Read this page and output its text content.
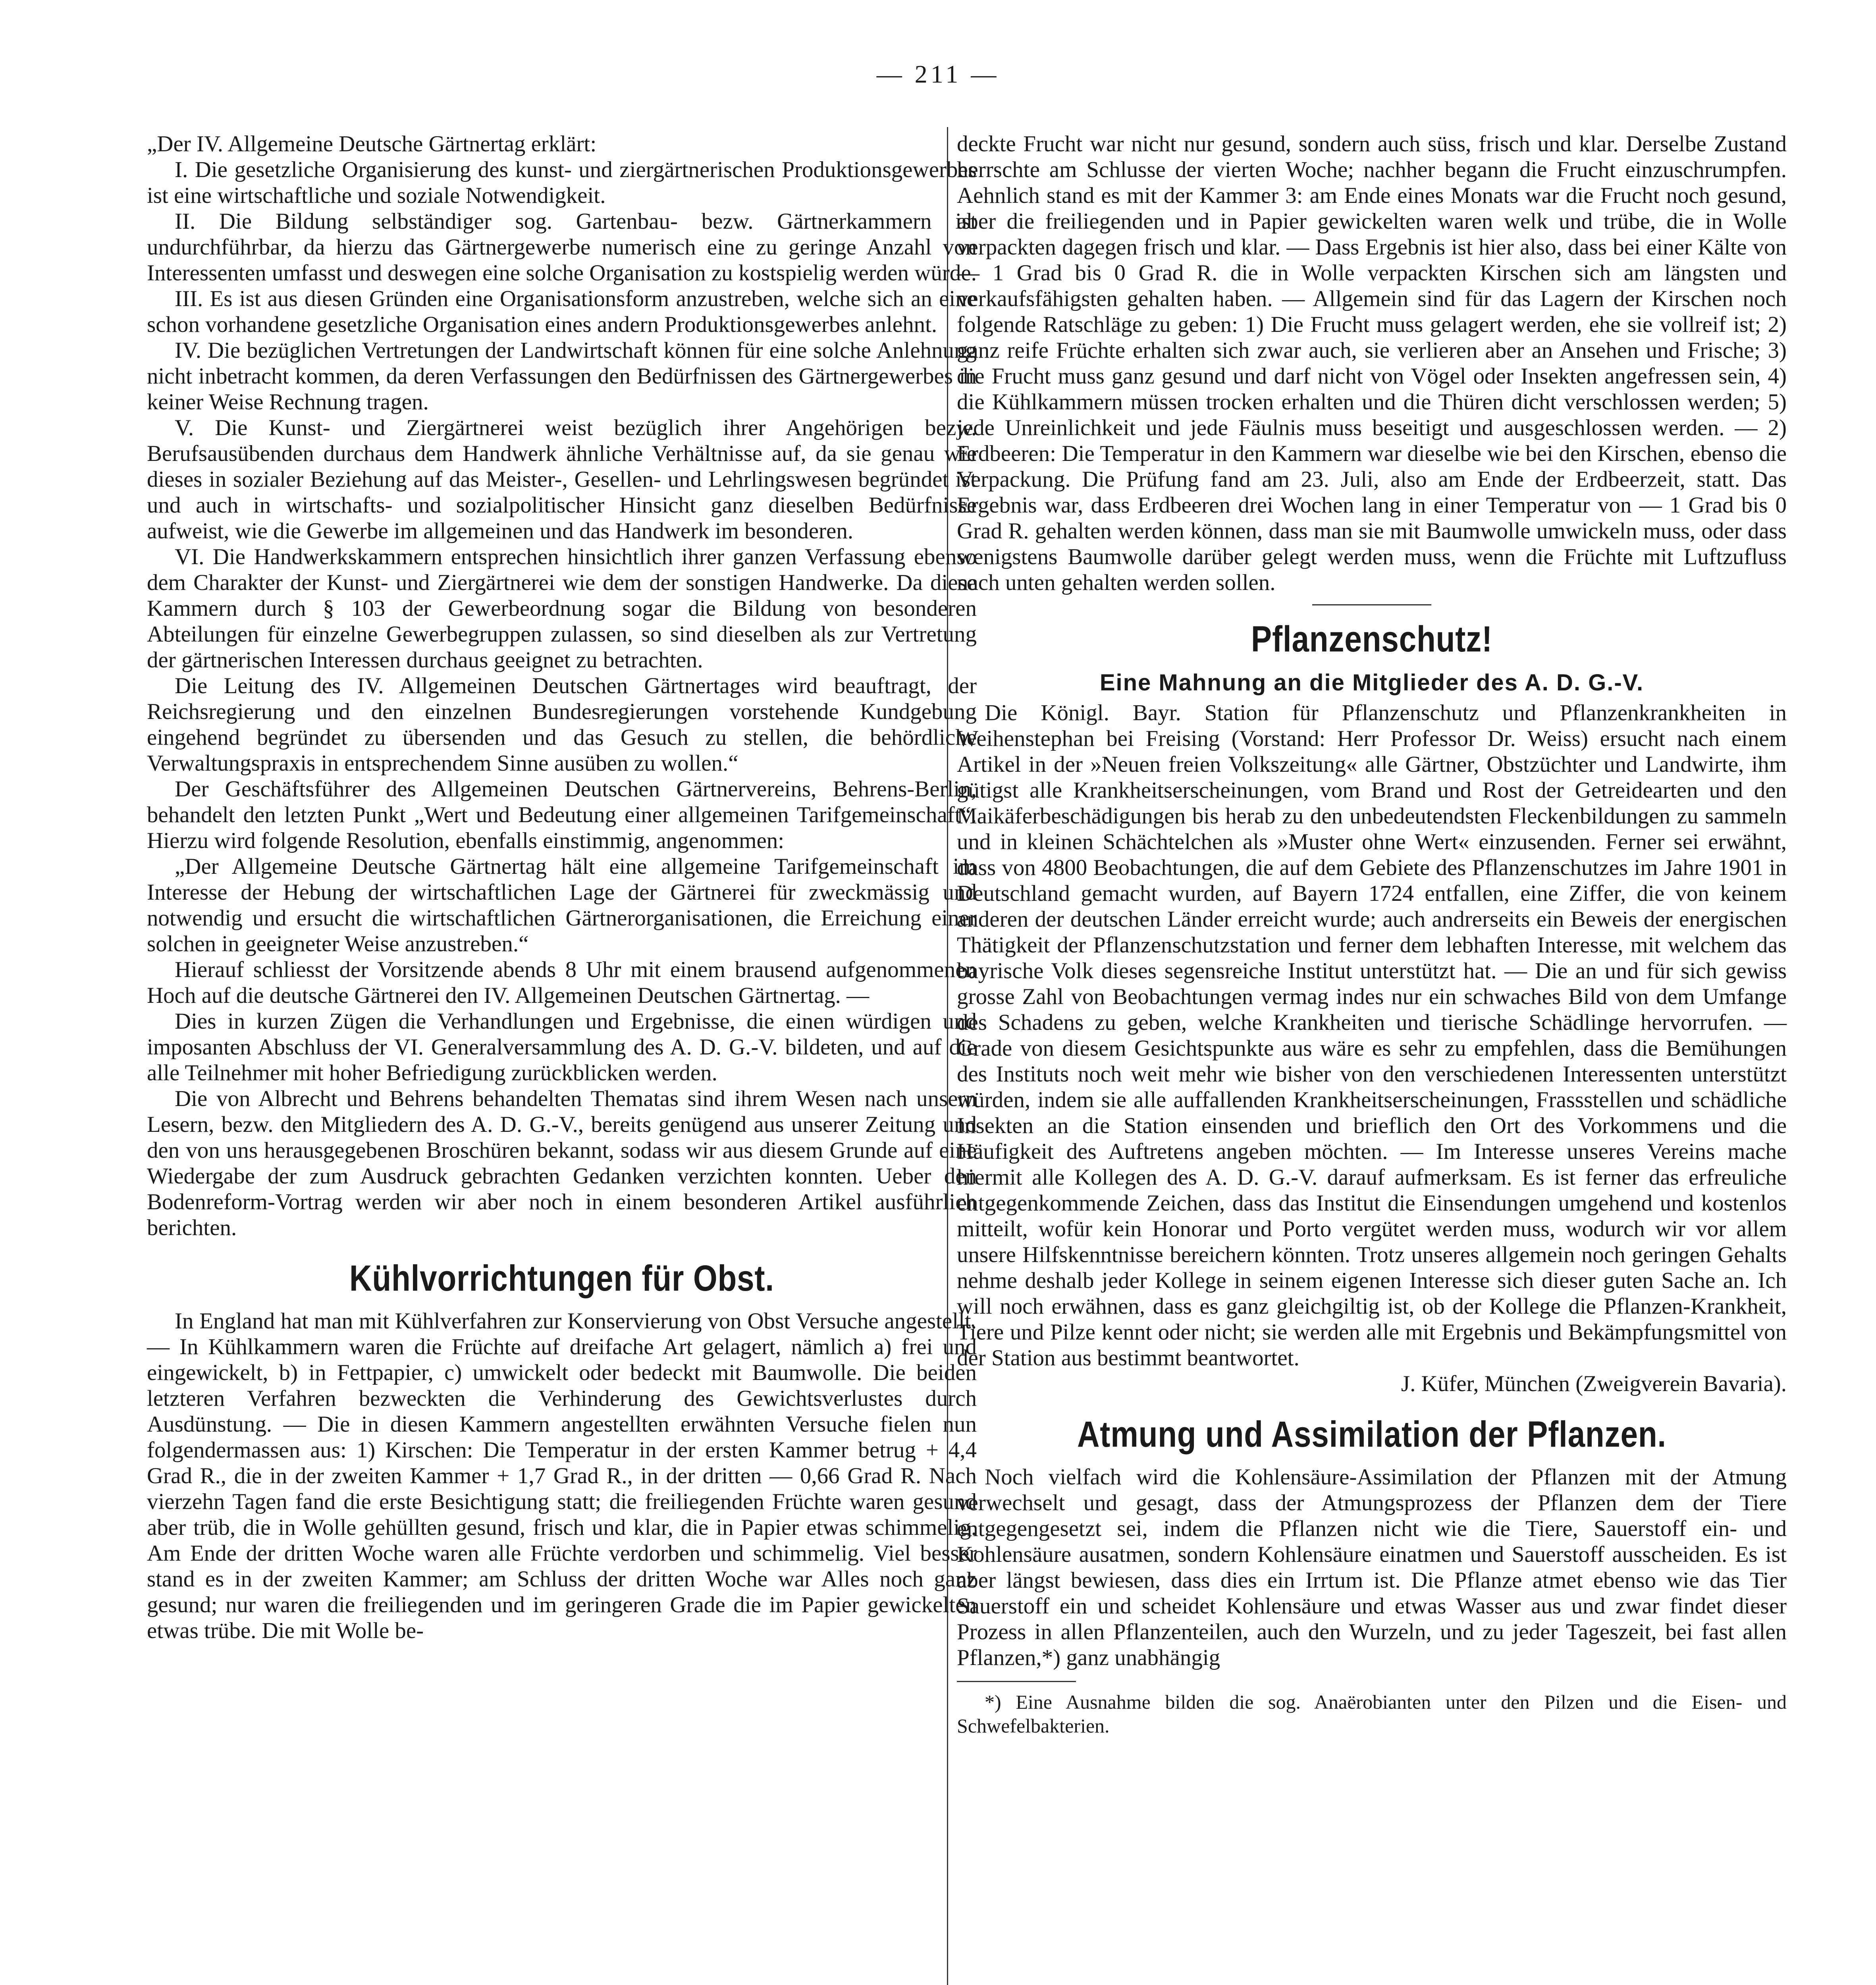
— 211 —

„Der IV. Allgemeine Deutsche Gärtnertag erklärt:

I. Die gesetzliche Organisierung des kunst- und ziergärtnerischen Produktionsgewerbes ist eine wirtschaftliche und soziale Notwendigkeit.

II. Die Bildung selbständiger sog. Gartenbau- bezw. Gärtnerkammern ist undurchführbar, da hierzu das Gärtnergewerbe numerisch eine zu geringe Anzahl von Interessenten umfasst und deswegen eine solche Organisation zu kostspielig werden würde.

III. Es ist aus diesen Gründen eine Organisationsform anzustreben, welche sich an eine schon vorhandene gesetzliche Organisation eines andern Produktionsgewerbes anlehnt.

IV. Die bezüglichen Vertretungen der Landwirtschaft können für eine solche Anlehnung nicht inbetracht kommen, da deren Verfassungen den Bedürfnissen des Gärtnergewerbes in keiner Weise Rechnung tragen.

V. Die Kunst- und Ziergärtnerei weist bezüglich ihrer Angehörigen bezw. Berufsausübenden durchaus dem Handwerk ähnliche Verhältnisse auf, da sie genau wie dieses in sozialer Beziehung auf das Meister-, Gesellen- und Lehrlingswesen begründet ist und auch in wirtschafts- und sozialpolitischer Hinsicht ganz dieselben Bedürfnisse aufweist, wie die Gewerbe im allgemeinen und das Handwerk im besonderen.

VI. Die Handwerkskammern entsprechen hinsichtlich ihrer ganzen Verfassung ebenso dem Charakter der Kunst- und Ziergärtnerei wie dem der sonstigen Handwerke. Da diese Kammern durch § 103 der Gewerbeordnung sogar die Bildung von besonderen Abteilungen für einzelne Gewerbegruppen zulassen, so sind dieselben als zur Vertretung der gärtnerischen Interessen durchaus geeignet zu betrachten.

Die Leitung des IV. Allgemeinen Deutschen Gärtnertages wird beauftragt, der Reichsregierung und den einzelnen Bundesregierungen vorstehende Kundgebung eingehend begründet zu übersenden und das Gesuch zu stellen, die behördliche Verwaltungspraxis in entsprechendem Sinne ausüben zu wollen.“

Der Geschäftsführer des Allgemeinen Deutschen Gärtnervereins, Behrens-Berlin, behandelt den letzten Punkt „Wert und Bedeutung einer allgemeinen Tarifgemeinschaft“. Hierzu wird folgende Resolution, ebenfalls einstimmig, angenommen:

„Der Allgemeine Deutsche Gärtnertag hält eine allgemeine Tarifgemeinschaft im Interesse der Hebung der wirtschaftlichen Lage der Gärtnerei für zweckmässig und notwendig und ersucht die wirtschaftlichen Gärtnerorganisationen, die Erreichung einer solchen in geeigneter Weise anzustreben.“

Hierauf schliesst der Vorsitzende abends 8 Uhr mit einem brausend aufgenommenen Hoch auf die deutsche Gärtnerei den IV. Allgemeinen Deutschen Gärtnertag. —

Dies in kurzen Zügen die Verhandlungen und Ergebnisse, die einen würdigen und imposanten Abschluss der VI. Generalversammlung des A. D. G.-V. bildeten, und auf die alle Teilnehmer mit hoher Befriedigung zurückblicken werden.

Die von Albrecht und Behrens behandelten Thematas sind ihrem Wesen nach unsern Lesern, bezw. den Mitgliedern des A. D. G.-V., bereits genügend aus unserer Zeitung und den von uns herausgegebenen Broschüren bekannt, sodass wir aus diesem Grunde auf eine Wiedergabe der zum Ausdruck gebrachten Gedanken verzichten konnten. Ueber den Bodenreform-Vortrag werden wir aber noch in einem besonderen Artikel ausführlich berichten.

Kühlvorrichtungen für Obst.

In England hat man mit Kühlverfahren zur Konservierung von Obst Versuche angestellt. — In Kühlkammern waren die Früchte auf dreifache Art gelagert, nämlich a) frei und eingewickelt, b) in Fettpapier, c) umwickelt oder bedeckt mit Baumwolle. Die beiden letzteren Verfahren bezweckten die Verhinderung des Gewichtsverlustes durch Ausdünstung. — Die in diesen Kammern angestellten erwähnten Versuche fielen nun folgendermassen aus: 1) Kirschen: Die Temperatur in der ersten Kammer betrug + 4,4 Grad R., die in der zweiten Kammer + 1,7 Grad R., in der dritten — 0,66 Grad R. Nach vierzehn Tagen fand die erste Besichtigung statt; die freiliegenden Früchte waren gesund aber trüb, die in Wolle gehüllten gesund, frisch und klar, die in Papier etwas schimmelig. Am Ende der dritten Woche waren alle Früchte verdorben und schimmelig. Viel besser stand es in der zweiten Kammer; am Schluss der dritten Woche war Alles noch ganz gesund; nur waren die freiliegenden und im geringeren Grade die im Papier gewickelten etwas trübe. Die mit Wolle be-

deckte Frucht war nicht nur gesund, sondern auch süss, frisch und klar. Derselbe Zustand herrschte am Schlusse der vierten Woche; nachher begann die Frucht einzuschrumpfen. Aehnlich stand es mit der Kammer 3: am Ende eines Monats war die Frucht noch gesund, aber die freiliegenden und in Papier gewickelten waren welk und trübe, die in Wolle verpackten dagegen frisch und klar. — Dass Ergebnis ist hier also, dass bei einer Kälte von — 1 Grad bis 0 Grad R. die in Wolle verpackten Kirschen sich am längsten und verkaufsfähigsten gehalten haben. — Allgemein sind für das Lagern der Kirschen noch folgende Ratschläge zu geben: 1) Die Frucht muss gelagert werden, ehe sie vollreif ist; 2) ganz reife Früchte erhalten sich zwar auch, sie verlieren aber an Ansehen und Frische; 3) die Frucht muss ganz gesund und darf nicht von Vögel oder Insekten angefressen sein, 4) die Kühlkammern müssen trocken erhalten und die Thüren dicht verschlossen werden; 5) jede Unreinlichkeit und jede Fäulnis muss beseitigt und ausgeschlossen werden. — 2) Erdbeeren: Die Temperatur in den Kammern war dieselbe wie bei den Kirschen, ebenso die Verpackung. Die Prüfung fand am 23. Juli, also am Ende der Erdbeerzeit, statt. Das Ergebnis war, dass Erdbeeren drei Wochen lang in einer Temperatur von — 1 Grad bis 0 Grad R. gehalten werden können, dass man sie mit Baumwolle umwickeln muss, oder dass wenigstens Baumwolle darüber gelegt werden muss, wenn die Früchte mit Luftzufluss nach unten gehalten werden sollen.

Pflanzenschutz!
Eine Mahnung an die Mitglieder des A. D. G.-V.

Die Königl. Bayr. Station für Pflanzenschutz und Pflanzenkrankheiten in Weihenstephan bei Freising (Vorstand: Herr Professor Dr. Weiss) ersucht nach einem Artikel in der »Neuen freien Volkszeitung« alle Gärtner, Obstzüchter und Landwirte, ihm gütigst alle Krankheitserscheinungen, vom Brand und Rost der Getreidearten und den Maikäferbeschädigungen bis herab zu den unbedeutendsten Fleckenbildungen zu sammeln und in kleinen Schächtelchen als »Muster ohne Wert« einzusenden. Ferner sei erwähnt, dass von 4800 Beobachtungen, die auf dem Gebiete des Pflanzenschutzes im Jahre 1901 in Deutschland gemacht wurden, auf Bayern 1724 entfallen, eine Ziffer, die von keinem anderen der deutschen Länder erreicht wurde; auch andrerseits ein Beweis der energischen Thätigkeit der Pflanzenschutzstation und ferner dem lebhaften Interesse, mit welchem das bayrische Volk dieses segensreiche Institut unterstützt hat. — Die an und für sich gewiss grosse Zahl von Beobachtungen vermag indes nur ein schwaches Bild von dem Umfange des Schadens zu geben, welche Krankheiten und tierische Schädlinge hervorrufen. — Grade von diesem Gesichtspunkte aus wäre es sehr zu empfehlen, dass die Bemühungen des Instituts noch weit mehr wie bisher von den verschiedenen Interessenten unterstützt würden, indem sie alle auffallenden Krankheitserscheinungen, Frassstellen und schädliche Insekten an die Station einsenden und brieflich den Ort des Vorkommens und die Häufigkeit des Auftretens angeben möchten. — Im Interesse unseres Vereins mache hiermit alle Kollegen des A. D. G.-V. darauf aufmerksam. Es ist ferner das erfreuliche entgegenkommende Zeichen, dass das Institut die Einsendungen umgehend und kostenlos mitteilt, wofür kein Honorar und Porto vergütet werden muss, wodurch wir vor allem unsere Hilfskenntnisse bereichern könnten. Trotz unseres allgemein noch geringen Gehalts nehme deshalb jeder Kollege in seinem eigenen Interesse sich dieser guten Sache an. Ich will noch erwähnen, dass es ganz gleichgiltig ist, ob der Kollege die Pflanzen-Krankheit, Tiere und Pilze kennt oder nicht; sie werden alle mit Ergebnis und Bekämpfungsmittel von der Station aus bestimmt beantwortet.

J. Küfer, München (Zweigverein Bavaria).

Atmung und Assimilation der Pflanzen.

Noch vielfach wird die Kohlensäure-Assimilation der Pflanzen mit der Atmung verwechselt und gesagt, dass der Atmungsprozess der Pflanzen dem der Tiere entgegengesetzt sei, indem die Pflanzen nicht wie die Tiere, Sauerstoff ein- und Kohlensäure ausatmen, sondern Kohlensäure einatmen und Sauerstoff ausscheiden. Es ist aber längst bewiesen, dass dies ein Irrtum ist. Die Pflanze atmet ebenso wie das Tier Sauerstoff ein und scheidet Kohlensäure und etwas Wasser aus und zwar findet dieser Prozess in allen Pflanzenteilen, auch den Wurzeln, und zu jeder Tageszeit, bei fast allen Pflanzen,*) ganz unabhängig

*) Eine Ausnahme bilden die sog. Anaërobianten unter den Pilzen und die Eisen- und Schwefelbakterien.
